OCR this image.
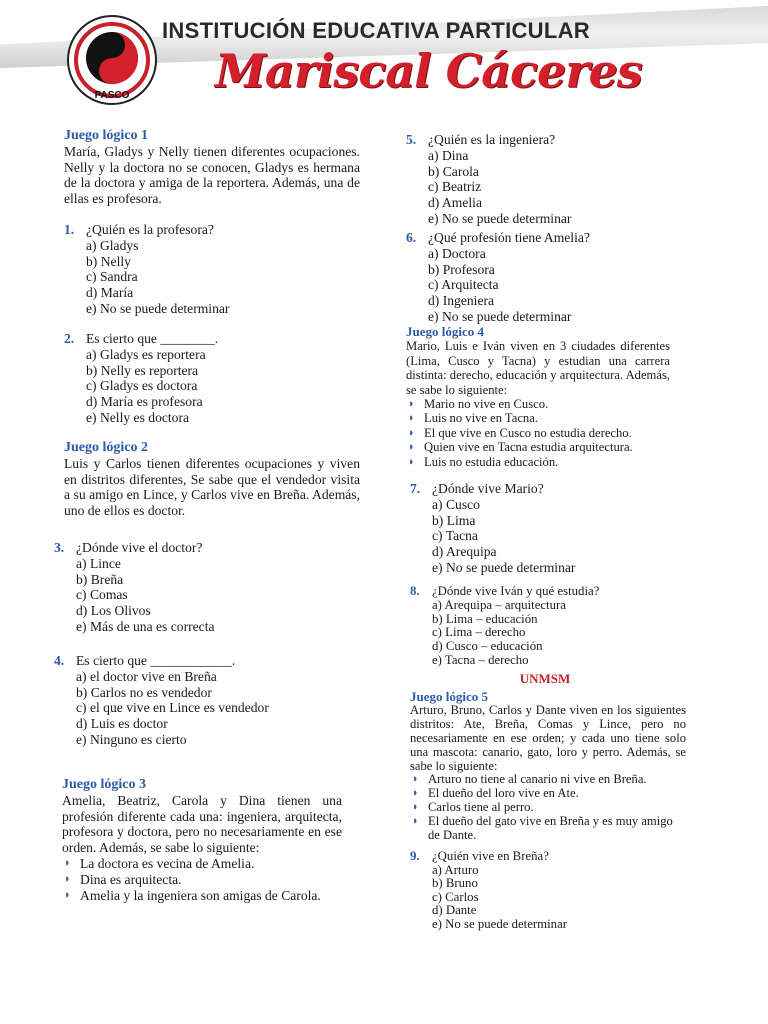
PASCO
INSTITUCIÓN EDUCATIVA PARTICULAR
Mariscal Cáceres

Juego lógico 1

María, Gladys y Nelly tienen diferentes ocupaciones. Nelly y la doctora no se conocen, Gladys es hermana de la doctora y amiga de la reportera. Además, una de ellas es profesora.

1. ¿Quién es la profesora?

a) Gladys

b) Nelly

c) Sandra

d) María

e) No se puede determinar

2. Es cierto que ________.

a) Gladys es reportera

b) Nelly es reportera

c) Gladys es doctora

d) María es profesora

e) Nelly es doctora

Juego lógico 2

Luis y Carlos tienen diferentes ocupaciones y viven en distritos diferentes, Se sabe que el vendedor visita a su amigo en Lince, y Carlos vive en Breña. Además, uno de ellos es doctor.

3. ¿Dónde vive el doctor?

a) Lince

b) Breña

c) Comas

d) Los Olivos

e) Más de una es correcta

4. Es cierto que ____________.

a) el doctor vive en Breña

b) Carlos no es vendedor

c) el que vive en Lince es vendedor

d) Luis es doctor

e) Ninguno es cierto

Juego lógico 3

Amelia, Beatriz, Carola y Dina tienen una profesión diferente cada una: ingeniera, arquitecta, profesora y doctora, pero no necesariamente en ese orden. Además, se sabe lo siguiente:

◗ La doctora es vecina de Amelia.

◗ Dina es arquitecta.

◗ Amelia y la ingeniera son amigas de Carola.

5. ¿Quién es la ingeniera?

a) Dina

b) Carola

c) Beatriz

d) Amelia

e) No se puede determinar

6. ¿Qué profesión tiene Amelia?

a) Doctora

b) Profesora

c) Arquitecta

d) Ingeniera

e) No se puede determinar

Juego lógico 4

Mario, Luis e Iván viven en 3 ciudades diferentes (Lima, Cusco y Tacna) y estudian una carrera distinta: derecho, educación y arquitectura. Además, se sabe lo siguiente:

◗ Mario no vive en Cusco.

◗ Luis no vive en Tacna.

◗ El que vive en Cusco no estudia derecho.

◗ Quien vive en Tacna estudia arquitectura.

◗ Luis no estudia educación.

7. ¿Dónde vive Mario?

a) Cusco

b) Lima

c) Tacna

d) Arequipa

e) No se puede determinar

8. ¿Dónde vive Iván y qué estudia?

a) Arequipa – arquitectura

b) Lima – educación

c) Lima – derecho

d) Cusco – educación

e) Tacna – derecho

UNMSM

Juego lógico 5

Arturo, Bruno, Carlos y Dante viven en los siguientes distritos: Ate, Breña, Comas y Lince, pero no necesariamente en ese orden; y cada uno tiene solo una mascota: canario, gato, loro y perro. Además, se sabe lo siguiente:

◗ Arturo no tiene al canario ni vive en Breña.

◗ El dueño del loro vive en Ate.

◗ Carlos tiene al perro.

◗ El dueño del gato vive en Breña y es muy amigo de Dante.

9. ¿Quién vive en Breña?

a) Arturo

b) Bruno

c) Carlos

d) Dante

e) No se puede determinar
